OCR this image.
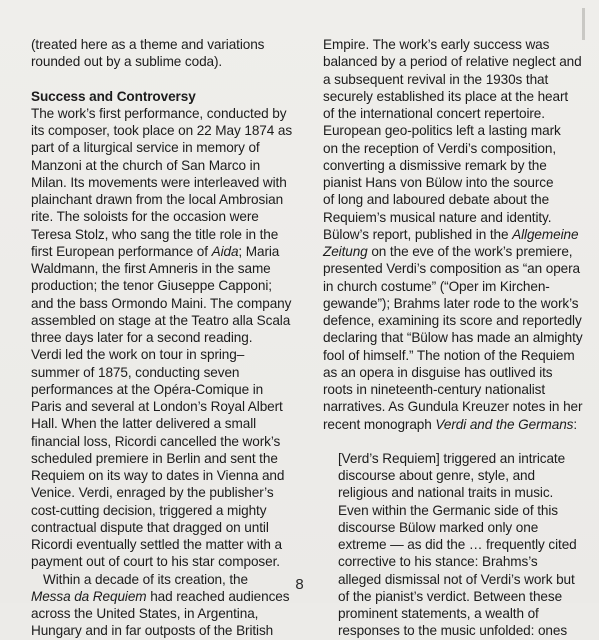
(treated here as a theme and variations
rounded out by a sublime coda).

Success and Controversy

The work’s first performance, conducted by
its composer, took place on 22 May 1874 as
part of a liturgical service in memory of
Manzoni at the church of San Marco in
Milan. Its movements were interleaved with
plainchant drawn from the local Ambrosian
rite. The soloists for the occasion were
Teresa Stolz, who sang the title role in the
first European performance of Aida; Maria
Waldmann, the first Amneris in the same
production; the tenor Giuseppe Capponi;
and the bass Ormondo Maini. The company
assembled on stage at the Teatro alla Scala
three days later for a second reading.
Verdi led the work on tour in spring–
summer of 1875, conducting seven
performances at the Opéra-Comique in
Paris and several at London’s Royal Albert
Hall. When the latter delivered a small
financial loss, Ricordi cancelled the work’s
scheduled premiere in Berlin and sent the
Requiem on its way to dates in Vienna and
Venice. Verdi, enraged by the publisher’s
cost-cutting decision, triggered a mighty
contractual dispute that dragged on until
Ricordi eventually settled the matter with a
payment out of court to his star composer.

Within a decade of its creation, the
Messa da Requiem had reached audiences
across the United States, in Argentina,
Hungary and in far outposts of the British

Empire. The work’s early success was
balanced by a period of relative neglect and
a subsequent revival in the 1930s that
securely established its place at the heart
of the international concert repertoire.
European geo-politics left a lasting mark
on the reception of Verdi’s composition,
converting a dismissive remark by the
pianist Hans von Bülow into the source
of long and laboured debate about the
Requiem’s musical nature and identity.
Bülow’s report, published in the Allgemeine
Zeitung on the eve of the work’s premiere,
presented Verdi’s composition as “an opera
in church costume” (“Oper im Kirchen-
gewande”); Brahms later rode to the work’s
defence, examining its score and reportedly
declaring that “Bülow has made an almighty
fool of himself.” The notion of the Requiem
as an opera in disguise has outlived its
roots in nineteenth-century nationalist
narratives. As Gundula Kreuzer notes in her
recent monograph Verdi and the Germans:

[Verd’s Requiem] triggered an intricate
discourse about genre, style, and
religious and national traits in music.
Even within the Germanic side of this
discourse Bülow marked only one
extreme — as did the … frequently cited
corrective to his stance: Brahms’s
alleged dismissal not of Verdi’s work but
of the pianist’s verdict. Between these
prominent statements, a wealth of
responses to the music unfolded: ones

8
